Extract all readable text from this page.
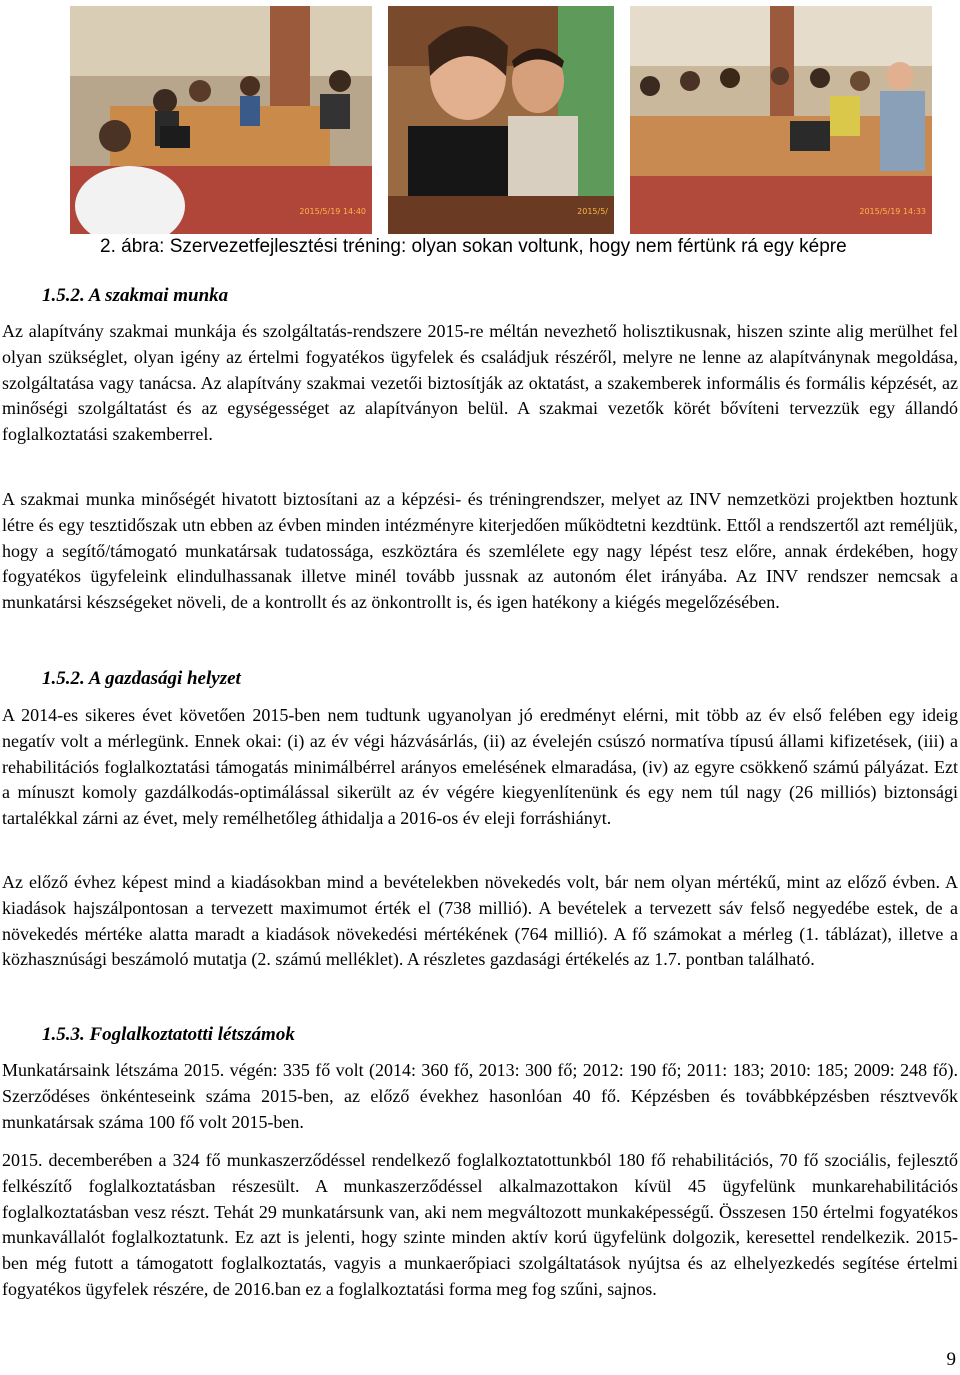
2015/5/19 14:40	2015/5/	2015/5/19 14:33
2. ábra: Szervezetfejlesztési tréning: olyan sokan voltunk, hogy nem fértünk rá egy képre
1.5.2. A szakmai munka

Az alapítvány szakmai munkája és szolgáltatás-rendszere 2015-re méltán nevezhető holisztikusnak, hiszen szinte alig merülhet fel olyan szükséglet, olyan igény az értelmi fogyatékos ügyfelek és családjuk részéről, melyre ne lenne az alapítványnak megoldása, szolgáltatása vagy tanácsa. Az alapítvány szakmai vezetői biztosítják az oktatást, a szakemberek informális és formális képzését, az minőségi szolgáltatást és az egységességet az alapítványon belül. A szakmai vezetők körét bővíteni tervezzük egy állandó foglalkoztatási szakemberrel.

A szakmai munka minőségét hivatott biztosítani az a képzési- és tréningrendszer, melyet az INV nemzetközi projektben hoztunk létre és egy tesztidőszak utn ebben az évben minden intézményre kiterjedően működtetni kezdtünk. Ettől a rendszertől azt reméljük, hogy a segítő/támogató munkatársak tudatossága, eszköztára és szemlélete egy nagy lépést tesz előre, annak érdekében, hogy fogyatékos ügyfeleink elindulhassanak illetve minél tovább jussnak az autonóm élet irányába. Az INV rendszer nemcsak a munkatársi készségeket növeli, de a kontrollt és az önkontrollt is, és igen hatékony a kiégés megelőzésében.

1.5.2. A gazdasági helyzet

A 2014-es sikeres évet követően 2015-ben nem tudtunk ugyanolyan jó eredményt elérni, mit több az év első felében egy ideig negatív volt a mérlegünk. Ennek okai: (i) az év végi házvásárlás, (ii) az évelején csúszó normatíva típusú állami kifizetések, (iii) a rehabilitációs foglalkoztatási támogatás minimálbérrel arányos emelésének elmaradása, (iv) az egyre csökkenő számú pályázat. Ezt a mínuszt komoly gazdálkodás-optimálással sikerült az év végére kiegyenlítenünk és egy nem túl nagy (26 milliós) biztonsági tartalékkal zárni az évet, mely remélhetőleg áthidalja a 2016-os év eleji forráshiányt.

Az előző évhez képest mind a kiadásokban mind a bevételekben növekedés volt, bár nem olyan mértékű, mint az előző évben. A kiadások hajszálpontosan a tervezett maximumot érték el (738 millió). A bevételek a tervezett sáv felső negyedébe estek, de a növekedés mértéke alatta maradt a kiadások növekedési mértékének (764 millió). A fő számokat a mérleg (1. táblázat), illetve a közhasznúsági beszámoló mutatja (2. számú melléklet). A részletes gazdasági értékelés az 1.7. pontban található.

1.5.3. Foglalkoztatotti létszámok

Munkatársaink létszáma 2015. végén: 335 fő volt (2014: 360 fő, 2013: 300 fő; 2012: 190 fő; 2011: 183; 2010: 185; 2009: 248 fő). Szerződéses önkénteseink száma 2015-ben, az előző évekhez hasonlóan 40 fő. Képzésben és továbbképzésben résztvevők munkatársak száma 100 fő volt 2015-ben.

2015. decemberében a 324 fő munkaszerződéssel rendelkező foglalkoztatottunkból 180 fő rehabilitációs, 70 fő szociális, fejlesztő felkészítő foglalkoztatásban részesült. A munkaszerződéssel alkalmazottakon kívül 45 ügyfelünk munkarehabilitációs foglalkoztatásban vesz részt. Tehát 29 munkatársunk van, aki nem megváltozott munkaképességű. Összesen 150 értelmi fogyatékos munkavállalót foglalkoztatunk. Ez azt is jelenti, hogy szinte minden aktív korú ügyfelünk dolgozik, keresettel rendelkezik. 2015-ben még futott a támogatott foglalkoztatás, vagyis a munkaerőpiaci szolgáltatások nyújtsa és az elhelyezkedés segítése értelmi fogyatékos ügyfelek részére, de 2016.ban ez a foglalkoztatási forma meg fog szűni, sajnos.

9
